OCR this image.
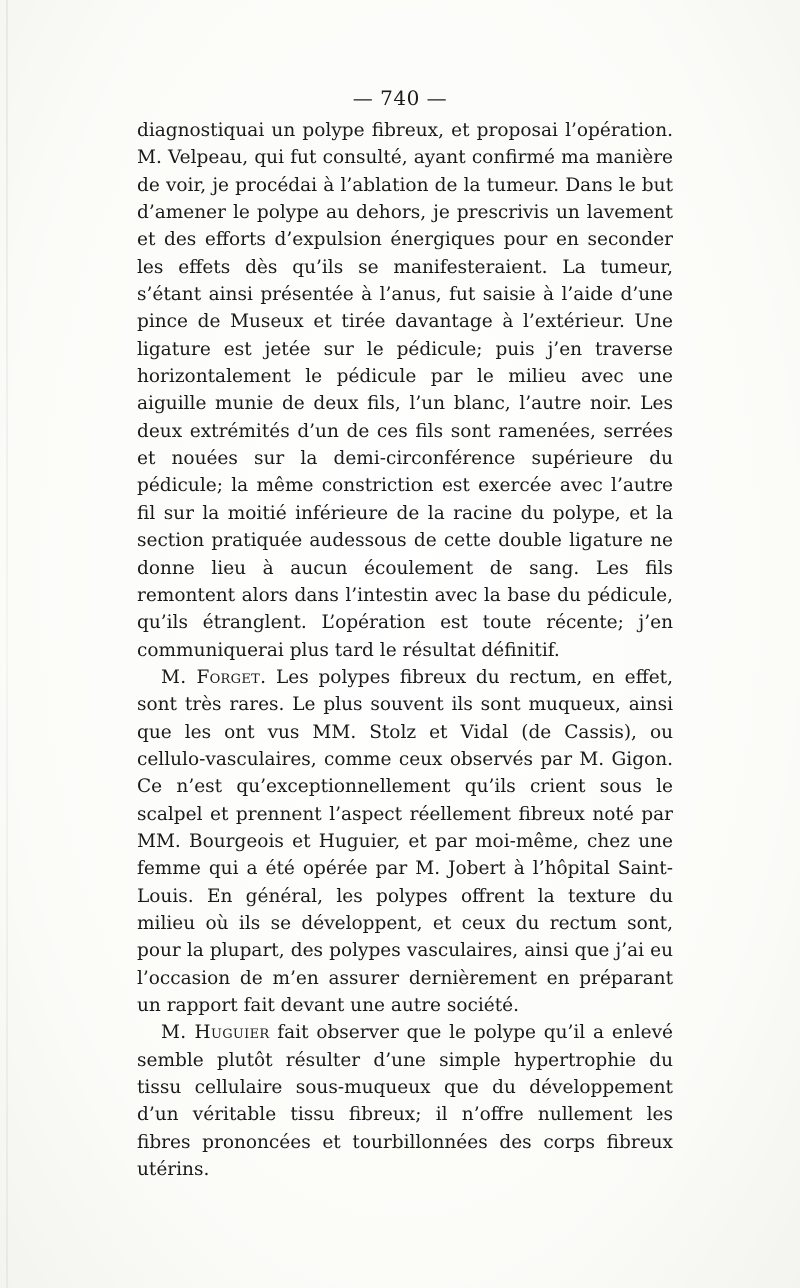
— 740 —

diagnostiquai un polype fibreux, et proposai l’opération. M. Velpeau, qui fut consulté, ayant confirmé ma manière de voir, je procédai à l’ablation de la tumeur. Dans le but d’amener le polype au dehors, je prescrivis un lavement et des efforts d’expulsion énergiques pour en seconder les effets dès qu’ils se manifesteraient. La tumeur, s’étant ainsi présentée à l’anus, fut saisie à l’aide d’une pince de Museux et tirée davantage à l’extérieur. Une ligature est jetée sur le pédicule; puis j’en traverse horizontalement le pédicule par le milieu avec une aiguille munie de deux fils, l’un blanc, l’autre noir. Les deux extrémités d’un de ces fils sont ramenées, serrées et nouées sur la demi-circonférence supérieure du pédicule; la même constriction est exercée avec l’autre fil sur la moitié inférieure de la racine du polype, et la section pratiquée audessous de cette double ligature ne donne lieu à aucun écoulement de sang. Les fils remontent alors dans l’intestin avec la base du pédicule, qu’ils étranglent. L’opération est toute récente; j’en communiquerai plus tard le résultat définitif.

M. Forget. Les polypes fibreux du rectum, en effet, sont très rares. Le plus souvent ils sont muqueux, ainsi que les ont vus MM. Stolz et Vidal (de Cassis), ou cellulo-vasculaires, comme ceux observés par M. Gigon. Ce n’est qu’exceptionnellement qu’ils crient sous le scalpel et prennent l’aspect réellement fibreux noté par MM. Bourgeois et Huguier, et par moi-même, chez une femme qui a été opérée par M. Jobert à l’hôpital Saint-Louis. En général, les polypes offrent la texture du milieu où ils se développent, et ceux du rectum sont, pour la plupart, des polypes vasculaires, ainsi que j’ai eu l’occasion de m’en assurer dernièrement en préparant un rapport fait devant une autre société.

M. Huguier fait observer que le polype qu’il a enlevé semble plutôt résulter d’une simple hypertrophie du tissu cellulaire sous-muqueux que du développement d’un véritable tissu fibreux; il n’offre nullement les fibres prononcées et tourbillonnées des corps fibreux utérins.
